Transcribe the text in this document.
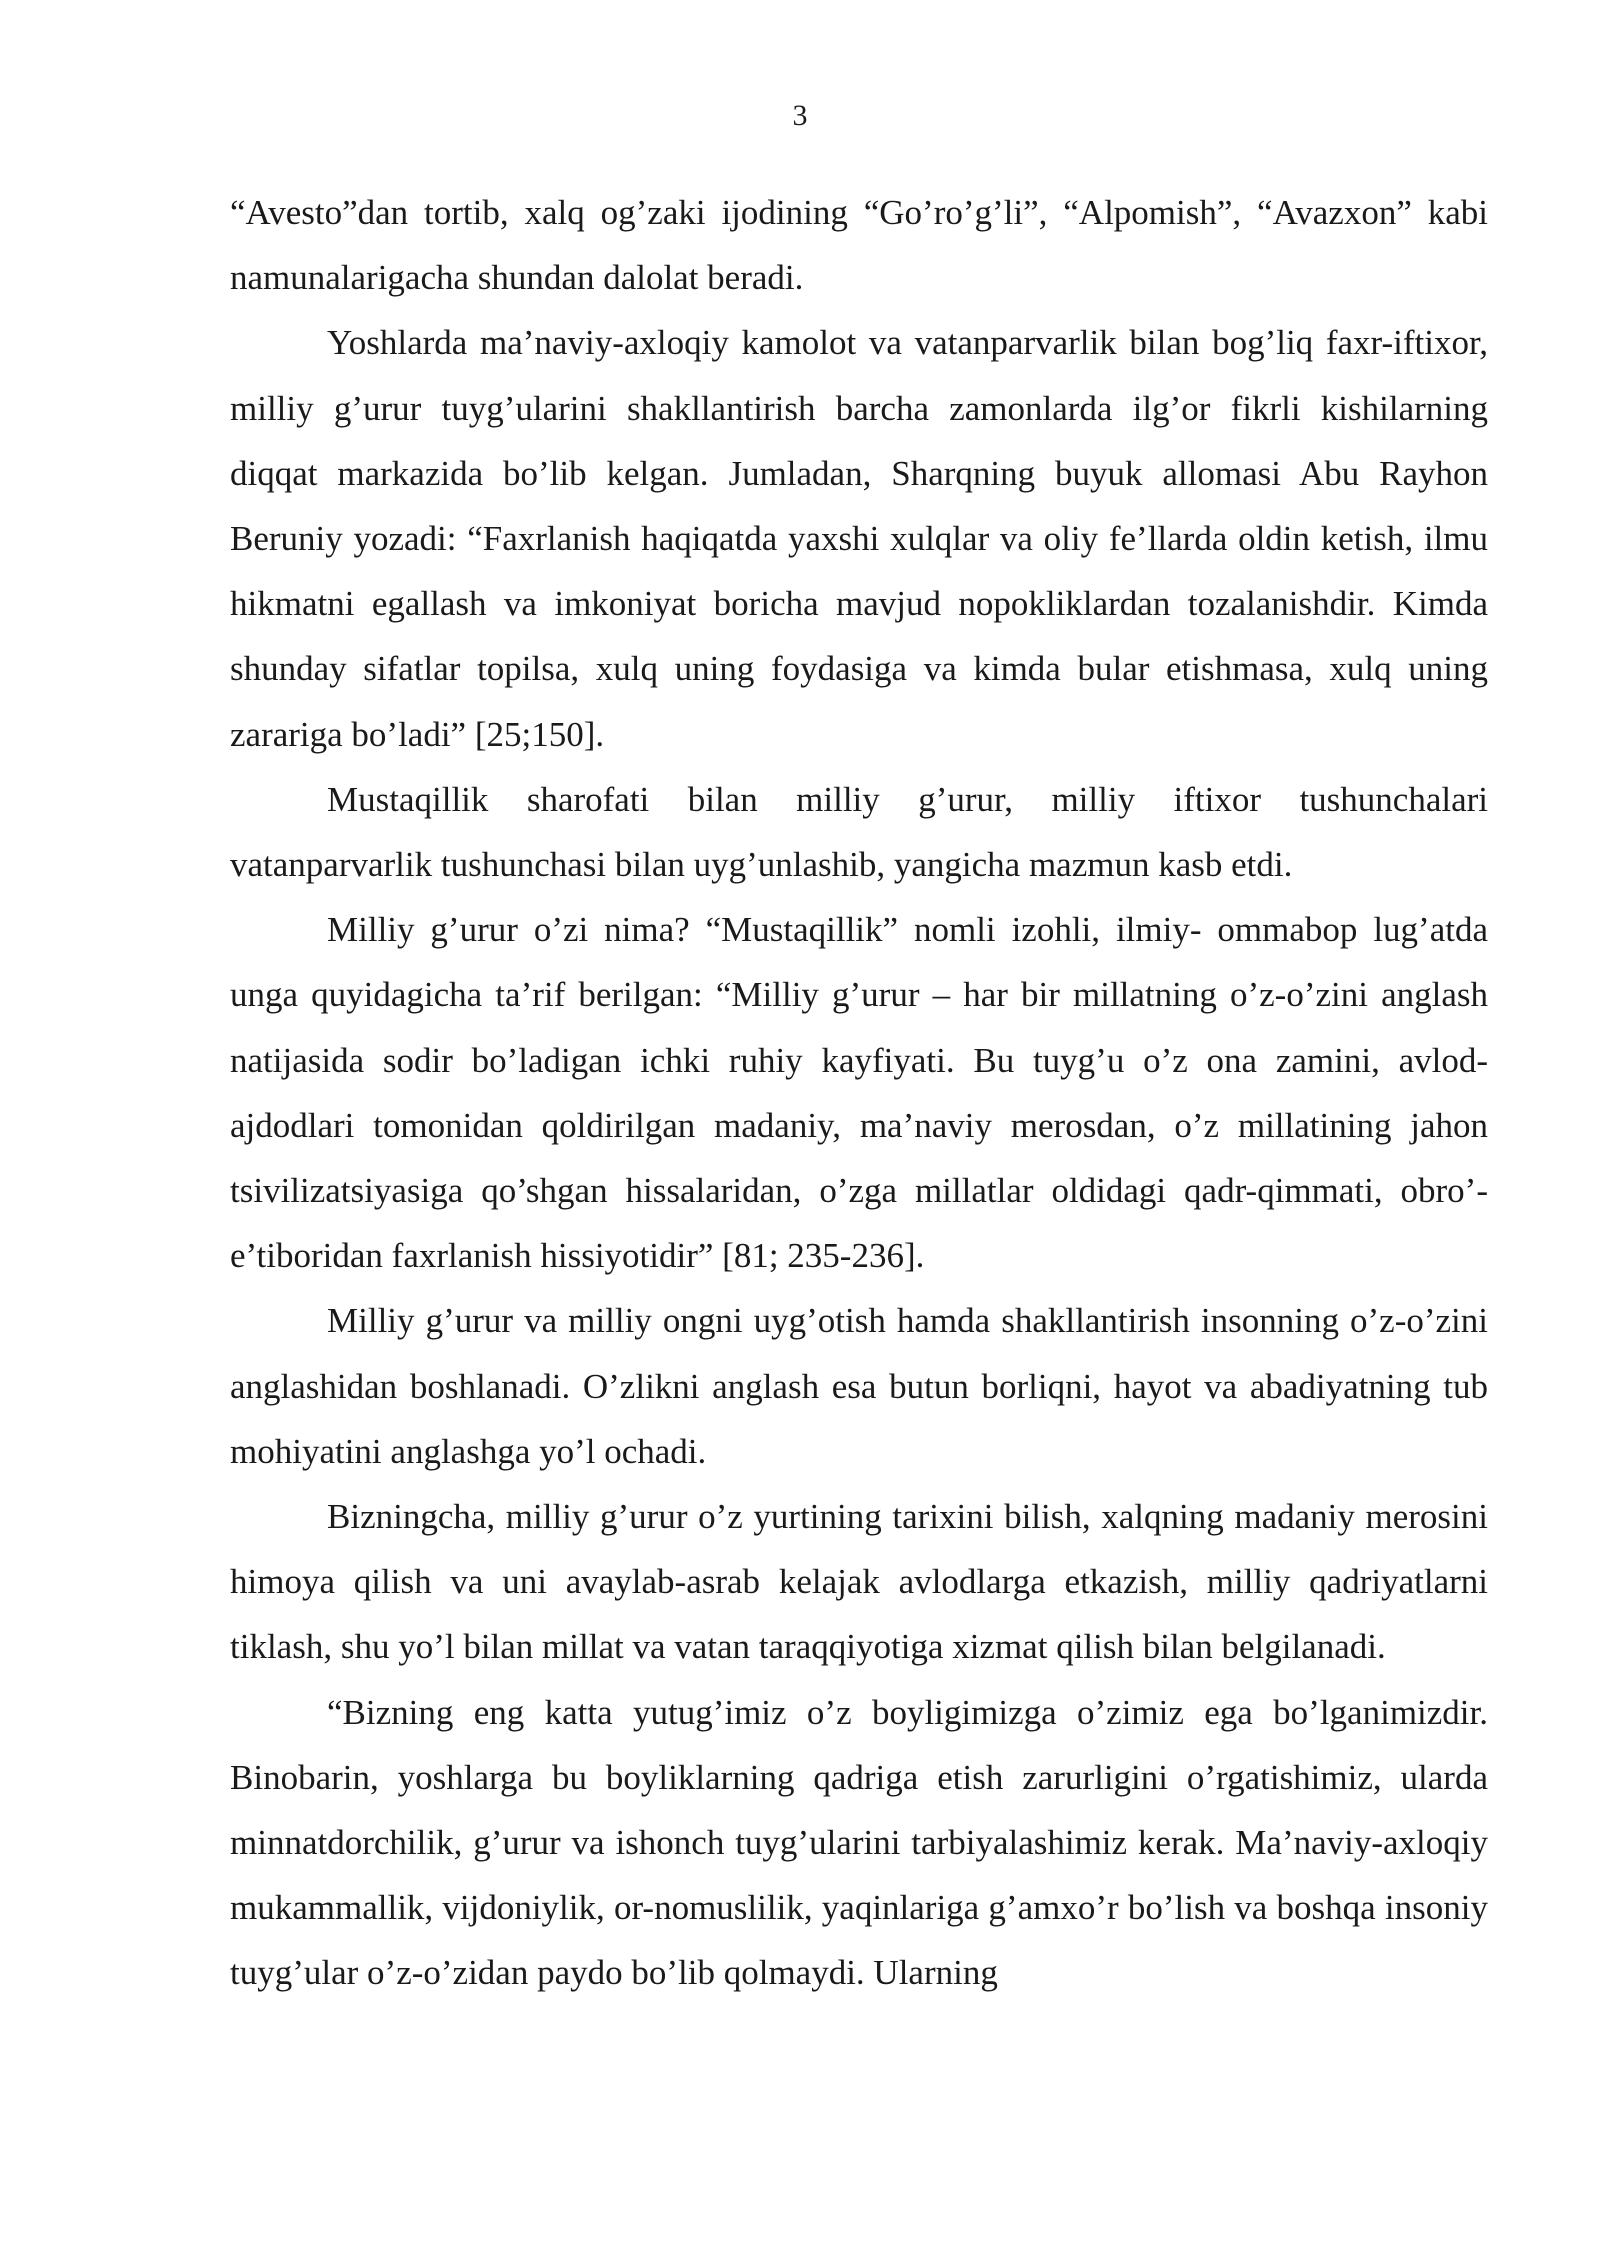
3

“Avesto”dan tortib, xalq og’zaki ijodining “Go’ro’g’li”, “Alpomish”, “Avazxon” kabi namunalarigacha shundan dalolat beradi.

Yoshlarda ma’naviy-axloqiy kamolot va vatanparvarlik bilan bog’liq faxr-iftixor, milliy g’urur tuyg’ularini shakllantirish barcha zamonlarda ilg’or fikrli kishilarning diqqat markazida bo’lib kelgan. Jumladan, Sharqning buyuk allomasi Abu Rayhon Beruniy yozadi: “Faxrlanish haqiqatda yaxshi xulqlar va oliy fe’llarda oldin ketish, ilmu hikmatni egallash va imkoniyat boricha mavjud nopokliklardan tozalanishdir. Kimda shunday sifatlar topilsa, xulq uning foydasiga va kimda bular etishmasa, xulq uning zarariga bo’ladi” [25;150].

Mustaqillik sharofati bilan milliy g’urur, milliy iftixor tushunchalari vatanparvarlik tushunchasi bilan uyg’unlashib, yangicha mazmun kasb etdi.

Milliy g’urur o’zi nima? “Mustaqillik” nomli izohli, ilmiy- ommabop lug’atda unga quyidagicha ta’rif berilgan: “Milliy g’urur – har bir millatning o’z-o’zini anglash natijasida sodir bo’ladigan ichki ruhiy kayfiyati. Bu tuyg’u o’z ona zamini, avlod-ajdodlari tomonidan qoldirilgan madaniy, ma’naviy merosdan, o’z millatining jahon tsivilizatsiyasiga qo’shgan hissalaridan, o’zga millatlar oldidagi qadr-qimmati, obro’-e’tiboridan faxrlanish hissiyotidir” [81; 235-236].

Milliy g’urur va milliy ongni uyg’otish hamda shakllantirish insonning o’z-o’zini anglashidan boshlanadi. O’zlikni anglash esa butun borliqni, hayot va abadiyatning tub mohiyatini anglashga yo’l ochadi.

Bizningcha, milliy g’urur o’z yurtining tarixini bilish, xalqning madaniy merosini himoya qilish va uni avaylab-asrab kelajak avlodlarga etkazish, milliy qadriyatlarni tiklash, shu yo’l bilan millat va vatan taraqqiyotiga xizmat qilish bilan belgilanadi.

“Bizning eng katta yutug’imiz o’z boyligimizga o’zimiz ega bo’lganimizdir. Binobarin, yoshlarga bu boyliklarning qadriga etish zarurligini o’rgatishimiz, ularda minnatdorchilik, g’urur va ishonch tuyg’ularini tarbiyalashimiz kerak. Ma’naviy-axloqiy mukammallik, vijdoniylik, or-nomuslilik, yaqinlariga g’amxo’r bo’lish va boshqa insoniy tuyg’ular o’z-o’zidan paydo bo’lib qolmaydi. Ularning
